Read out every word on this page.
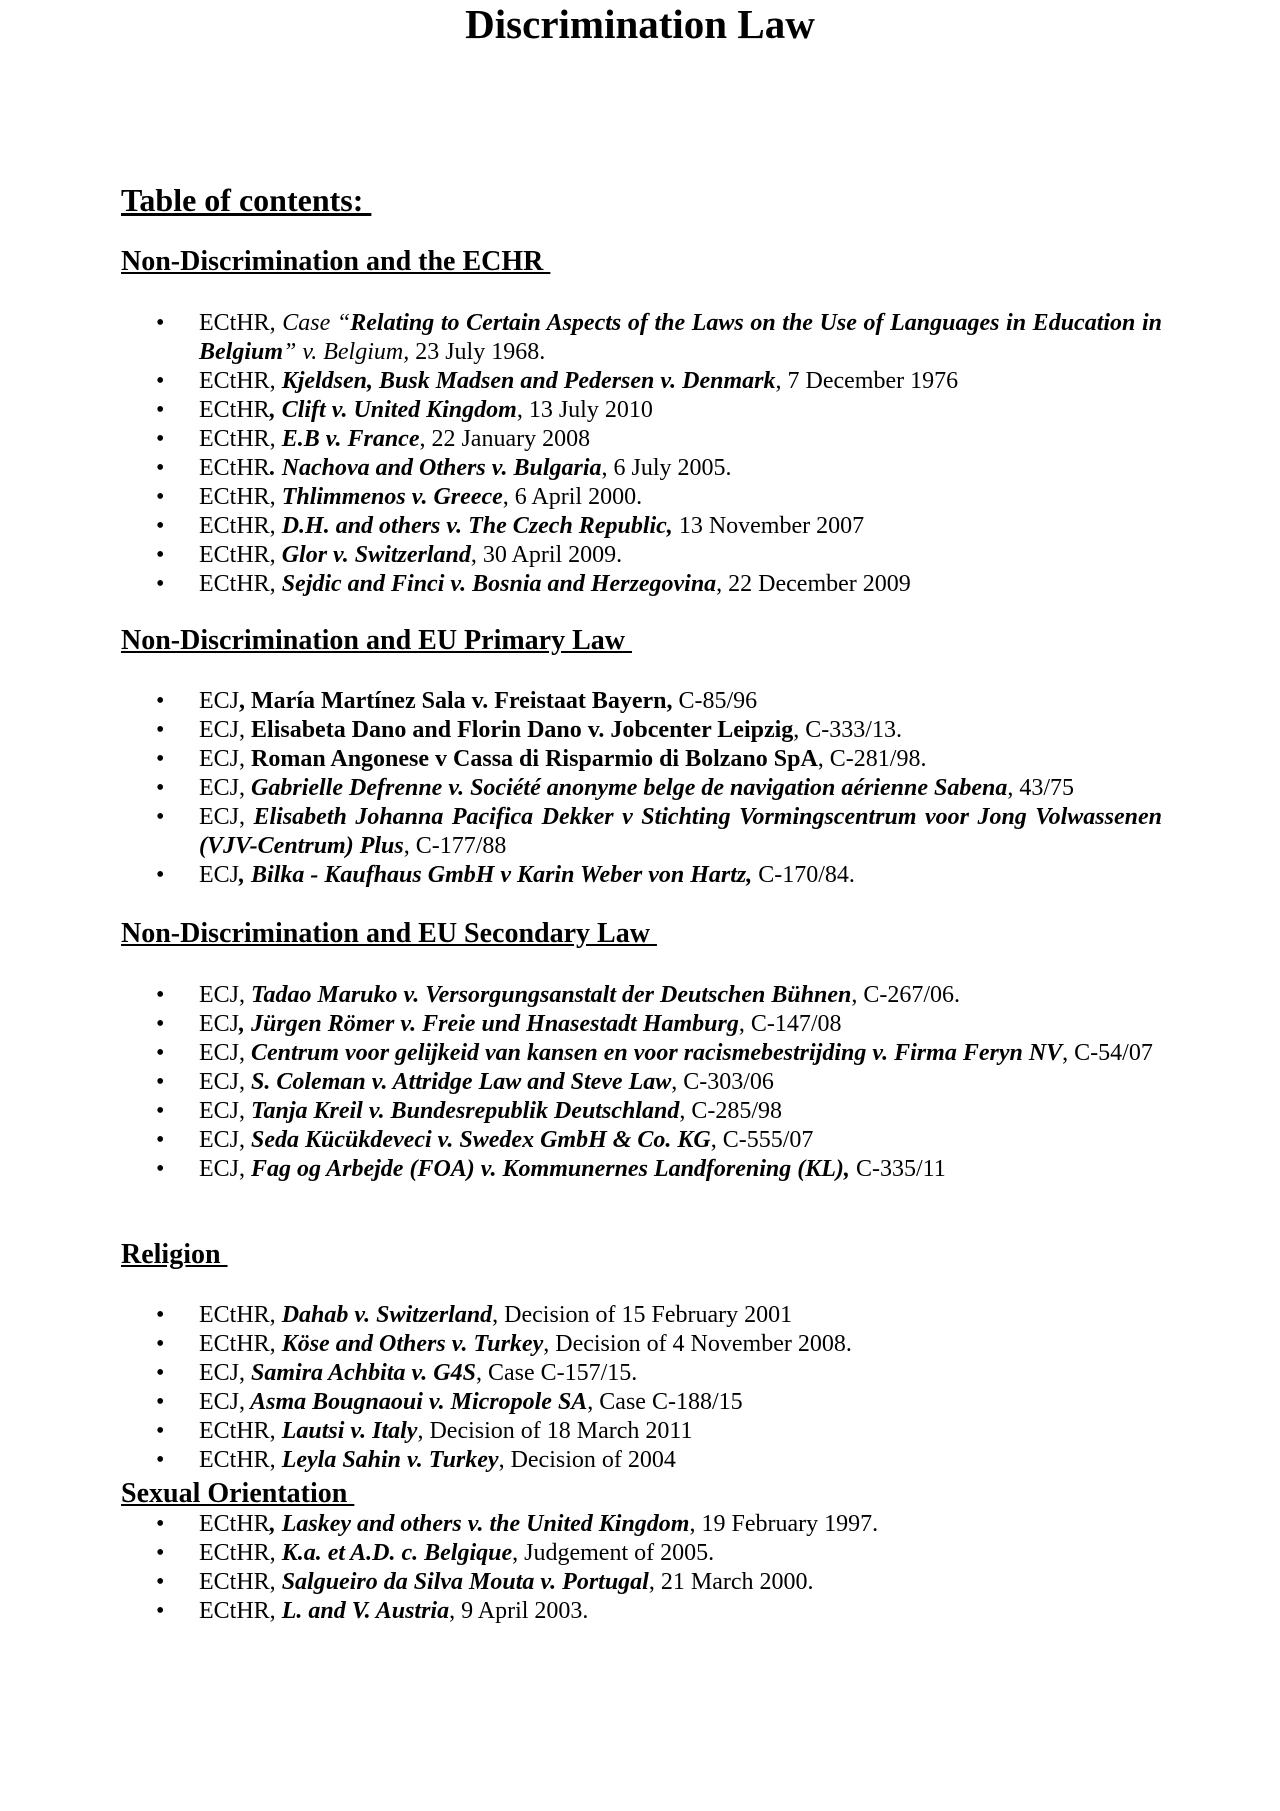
Discrimination Law
Table of contents:
Non-Discrimination and the ECHR
• ECtHR, Case “Relating to Certain Aspects of the Laws on the Use of Languages in Education in Belgium” v. Belgium, 23 July 1968.
• ECtHR, Kjeldsen, Busk Madsen and Pedersen v. Denmark, 7 December 1976
• ECtHR, Clift v. United Kingdom, 13 July 2010
• ECtHR, E.B v. France, 22 January 2008
• ECtHR. Nachova and Others v. Bulgaria, 6 July 2005.
• ECtHR, Thlimmenos v. Greece, 6 April 2000.
• ECtHR, D.H. and others v. The Czech Republic, 13 November 2007
• ECtHR, Glor v. Switzerland, 30 April 2009.
• ECtHR, Sejdic and Finci v. Bosnia and Herzegovina, 22 December 2009
Non-Discrimination and EU Primary Law
• ECJ, María Martínez Sala v. Freistaat Bayern, C-85/96
• ECJ, Elisabeta Dano and Florin Dano v. Jobcenter Leipzig, C-333/13.
• ECJ, Roman Angonese v Cassa di Risparmio di Bolzano SpA, C-281/98.
• ECJ, Gabrielle Defrenne v. Société anonyme belge de navigation aérienne Sabena, 43/75
• ECJ, Elisabeth Johanna Pacifica Dekker v Stichting Vormingscentrum voor Jong Volwassenen (VJV-Centrum) Plus, C-177/88
• ECJ, Bilka - Kaufhaus GmbH v Karin Weber von Hartz, C-170/84.
Non-Discrimination and EU Secondary Law
• ECJ, Tadao Maruko v. Versorgungsanstalt der Deutschen Bühnen, C-267/06.
• ECJ, Jürgen Römer v. Freie und Hnasestadt Hamburg, C-147/08
• ECJ, Centrum voor gelijkeid van kansen en voor racismebestrijding v. Firma Feryn NV, C-54/07
• ECJ, S. Coleman v. Attridge Law and Steve Law, C-303/06
• ECJ, Tanja Kreil v. Bundesrepublik Deutschland, C-285/98
• ECJ, Seda Kücükdeveci v. Swedex GmbH & Co. KG, C-555/07
• ECJ, Fag og Arbejde (FOA) v. Kommunernes Landforening (KL), C-335/11
Religion
• ECtHR, Dahab v. Switzerland, Decision of 15 February 2001
• ECtHR, Köse and Others v. Turkey, Decision of 4 November 2008.
• ECJ, Samira Achbita v. G4S, Case C-157/15.
• ECJ, Asma Bougnaoui v. Micropole SA, Case C-188/15
• ECtHR, Lautsi v. Italy, Decision of 18 March 2011
• ECtHR, Leyla Sahin v. Turkey, Decision of 2004
Sexual Orientation
• ECtHR, Laskey and others v. the United Kingdom, 19 February 1997.
• ECtHR, K.a. et A.D. c. Belgique, Judgement of 2005.
• ECtHR, Salgueiro da Silva Mouta v. Portugal, 21 March 2000.
• ECtHR, L. and V. Austria, 9 April 2003.
